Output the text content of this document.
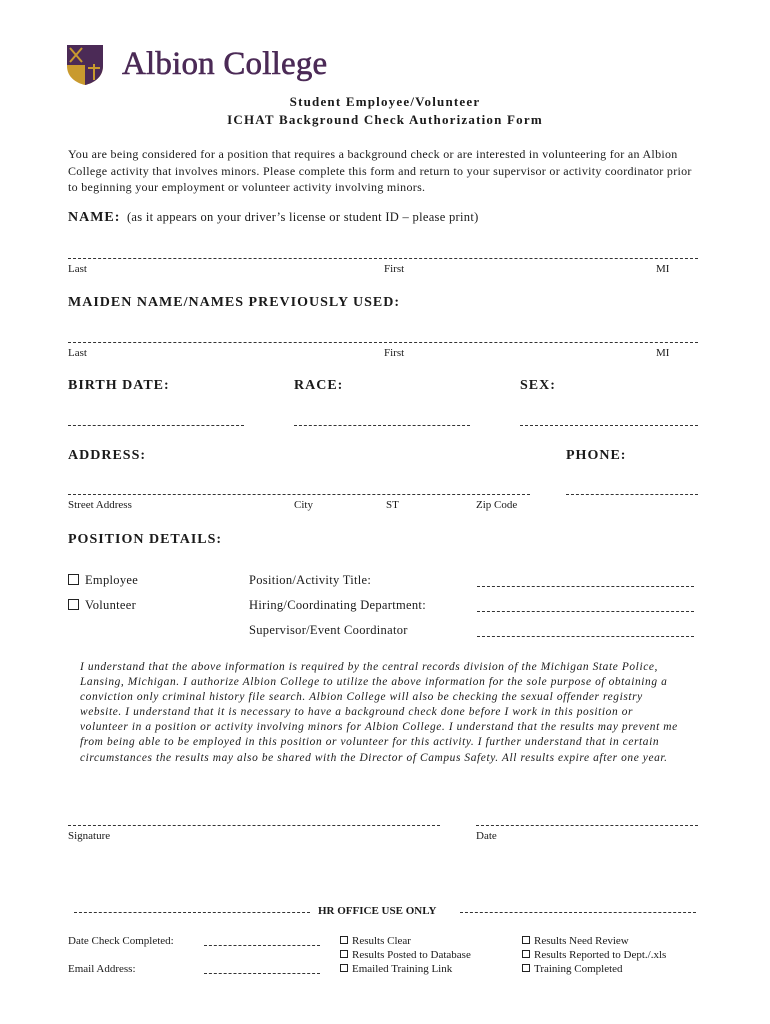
Albion College
Student Employee/Volunteer
ICHAT Background Check Authorization Form
You are being considered for a position that requires a background check or are interested in volunteering for an Albion College activity that involves minors. Please complete this form and return to your supervisor or activity coordinator prior to beginning your employment or volunteer activity involving minors.
NAME: (as it appears on your driver’s license or student ID – please print)
Last	First	MI
MAIDEN NAME/NAMES PREVIOUSLY USED:
Last	First	MI
BIRTH DATE:	RACE:	SEX:
ADDRESS:	PHONE:
Street Address	City	ST	Zip Code
POSITION DETAILS:
Employee
Volunteer
Position/Activity Title:
Hiring/Coordinating Department:
Supervisor/Event Coordinator
I understand that the above information is required by the central records division of the Michigan State Police, Lansing, Michigan. I authorize Albion College to utilize the above information for the sole purpose of obtaining a conviction only criminal history file search. Albion College will also be checking the sexual offender registry website. I understand that it is necessary to have a background check done before I work in this position or volunteer in a position or activity involving minors for Albion College. I understand that the results may prevent me from being able to be employed in this position or volunteer for this activity. I further understand that in certain circumstances the results may also be shared with the Director of Campus Safety. All results expire after one year.
Signature	Date
HR OFFICE USE ONLY
Date Check Completed:
Email Address:
Results Clear
Results Posted to Database
Emailed Training Link
Results Need Review
Results Reported to Dept./.xls
Training Completed
